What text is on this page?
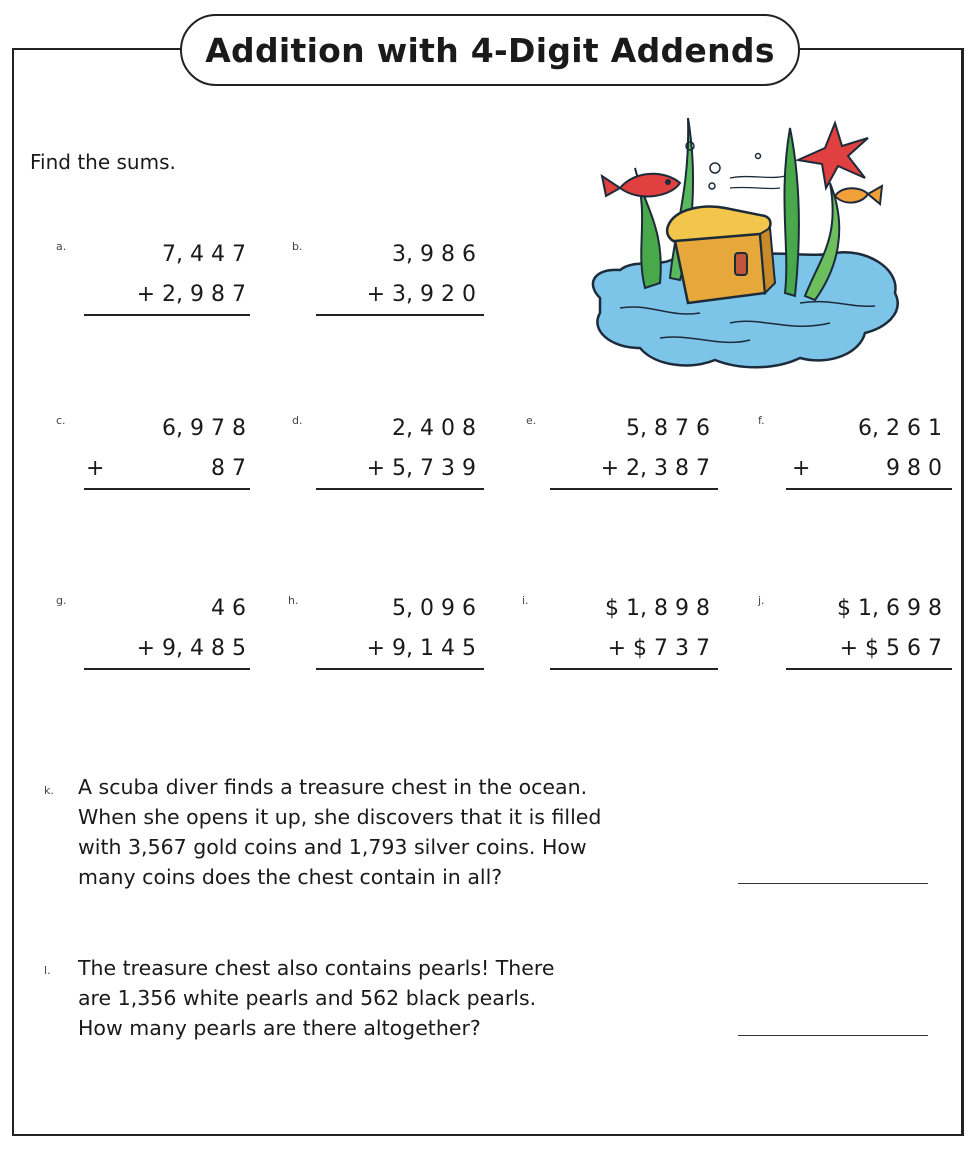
Addition with 4-Digit Addends
Find the sums.
a.	7, 4 4 7
+ 2, 9 8 7
b.	3, 9 8 6
+ 3, 9 2 0
c.	6, 9 7 8
+	8 7
d.	2, 4 0 8
+ 5, 7 3 9
e.	5, 8 7 6
+ 2, 3 8 7
f.	6, 2 6 1
+	9 8 0
g.	4 6
+ 9, 4 8 5
h.	5, 0 9 6
+ 9, 1 4 5
i.	$ 1, 8 9 8
+ $ 7 3 7
j.	$ 1, 6 9 8
+ $ 5 6 7
k. A scuba diver finds a treasure chest in the ocean.
When she opens it up, she discovers that it is filled
with 3,567 gold coins and 1,793 silver coins. How
many coins does the chest contain in all?
l. The treasure chest also contains pearls! There
are 1,356 white pearls and 562 black pearls.
How many pearls are there altogether?
